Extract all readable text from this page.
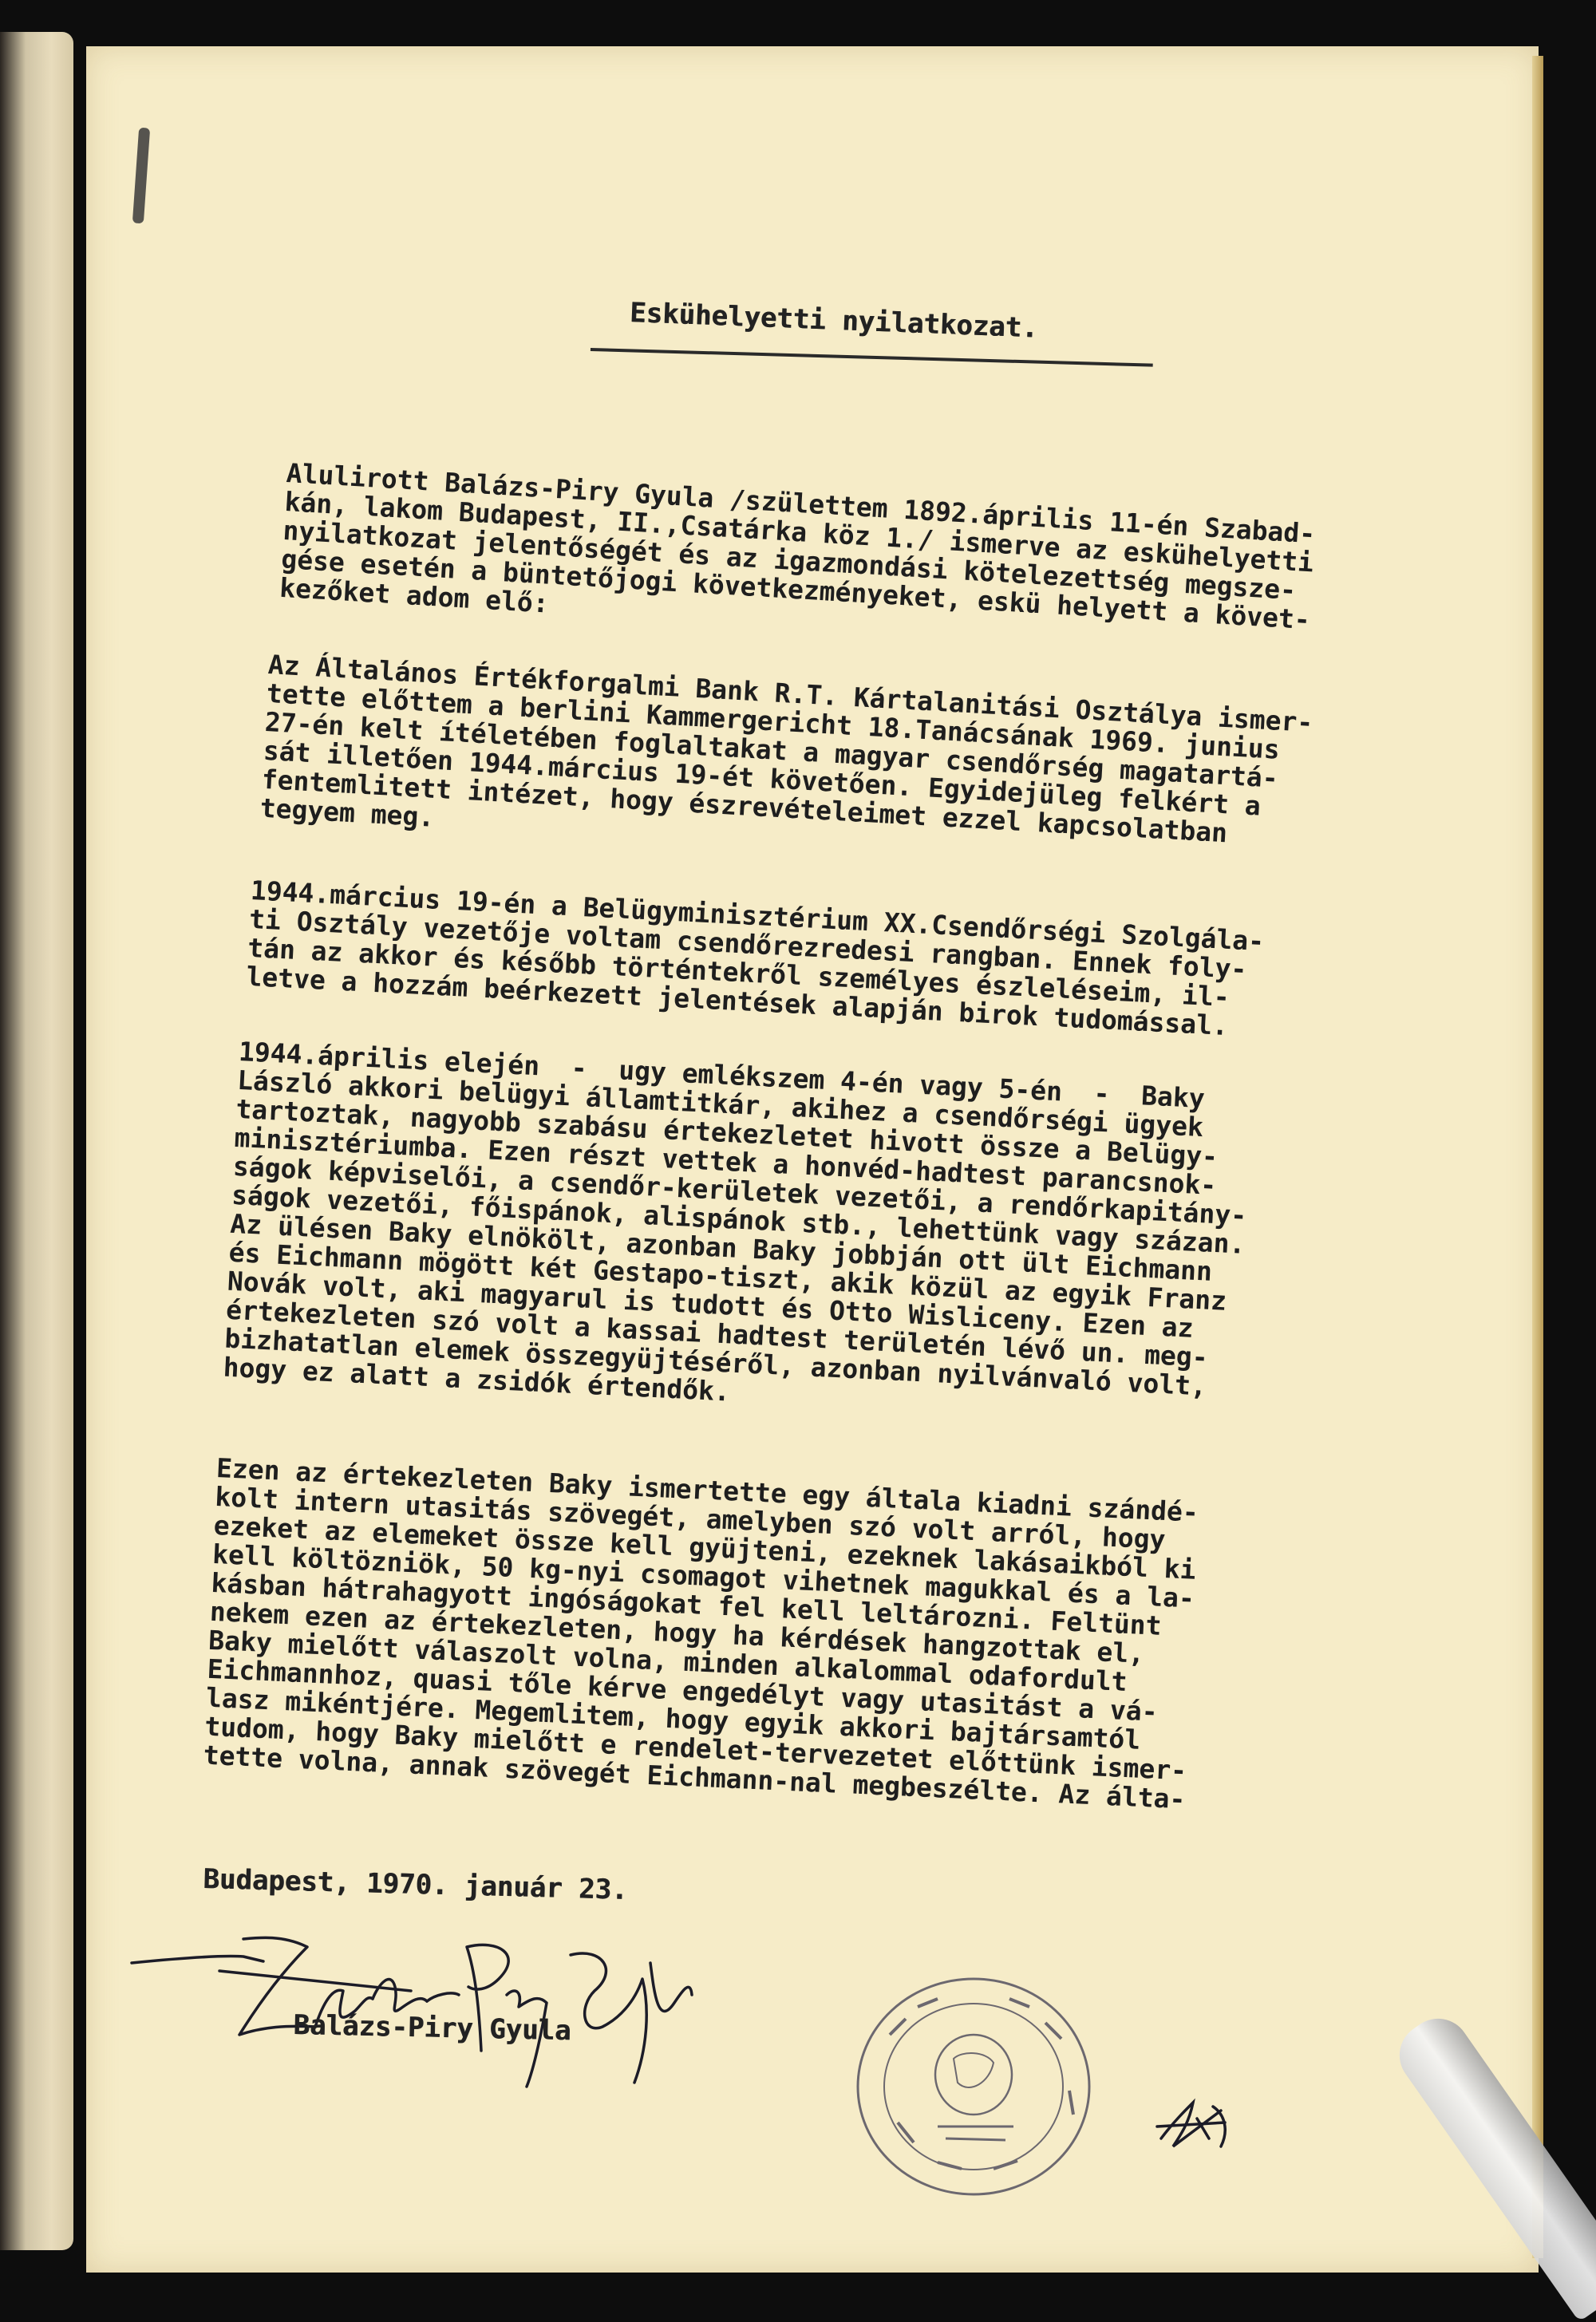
Eskühelyetti nyilatkozat.
Alulirott Balázs-Piry Gyula /születtem 1892.április 11-én Szabad-
kán, lakom Budapest, II.,Csatárka köz 1./ ismerve az eskühelyetti
nyilatkozat jelentőségét és az igazmondási kötelezettség megsze-
gése esetén a büntetőjogi következményeket, eskü helyett a követ-
kezőket adom elő:
Az Általános Értékforgalmi Bank R.T. Kártalanitási Osztálya ismer-
tette előttem a berlini Kammergericht 18.Tanácsának 1969. junius
27-én kelt ítéletében foglaltakat a magyar csendőrség magatartá-
sát illetően 1944.március 19-ét követően. Egyidejüleg felkért a
fentemlitett intézet, hogy észrevételeimet ezzel kapcsolatban
tegyem meg.
1944.március 19-én a Belügyminisztérium XX.Csendőrségi Szolgála-
ti Osztály vezetője voltam csendőrezredesi rangban. Ennek foly-
tán az akkor és később történtekről személyes észleléseim, il-
letve a hozzám beérkezett jelentések alapján birok tudomással.
1944.április elején  -  ugy emlékszem 4-én vagy 5-én  -  Baky
László akkori belügyi államtitkár, akihez a csendőrségi ügyek
tartoztak, nagyobb szabásu értekezletet hivott össze a Belügy-
minisztériumba. Ezen részt vettek a honvéd-hadtest parancsnok-
ságok képviselői, a csendőr-kerületek vezetői, a rendőrkapitány-
ságok vezetői, főispánok, alispánok stb., lehettünk vagy százan.
Az ülésen Baky elnökölt, azonban Baky jobbján ott ült Eichmann
és Eichmann mögött két Gestapo-tiszt, akik közül az egyik Franz
Novák volt, aki magyarul is tudott és Otto Wisliceny. Ezen az
értekezleten szó volt a kassai hadtest területén lévő un. meg-
bizhatatlan elemek összegyüjtéséről, azonban nyilvánvaló volt,
hogy ez alatt a zsidók értendők.
Ezen az értekezleten Baky ismertette egy általa kiadni szándé-
kolt intern utasitás szövegét, amelyben szó volt arról, hogy
ezeket az elemeket össze kell gyüjteni, ezeknek lakásaikból ki
kell költözniök, 50 kg-nyi csomagot vihetnek magukkal és a la-
kásban hátrahagyott ingóságokat fel kell leltározni. Feltünt
nekem ezen az értekezleten, hogy ha kérdések hangzottak el,
Baky mielőtt válaszolt volna, minden alkalommal odafordult
Eichmannhoz, quasi tőle kérve engedélyt vagy utasitást a vá-
lasz mikéntjére. Megemlitem, hogy egyik akkori bajtársamtól
tudom, hogy Baky mielőtt e rendelet-tervezetet előttünk ismer-
tette volna, annak szövegét Eichmann-nal megbeszélte. Az álta-
Budapest, 1970. január 23.
Balázs-Piry Gyula
